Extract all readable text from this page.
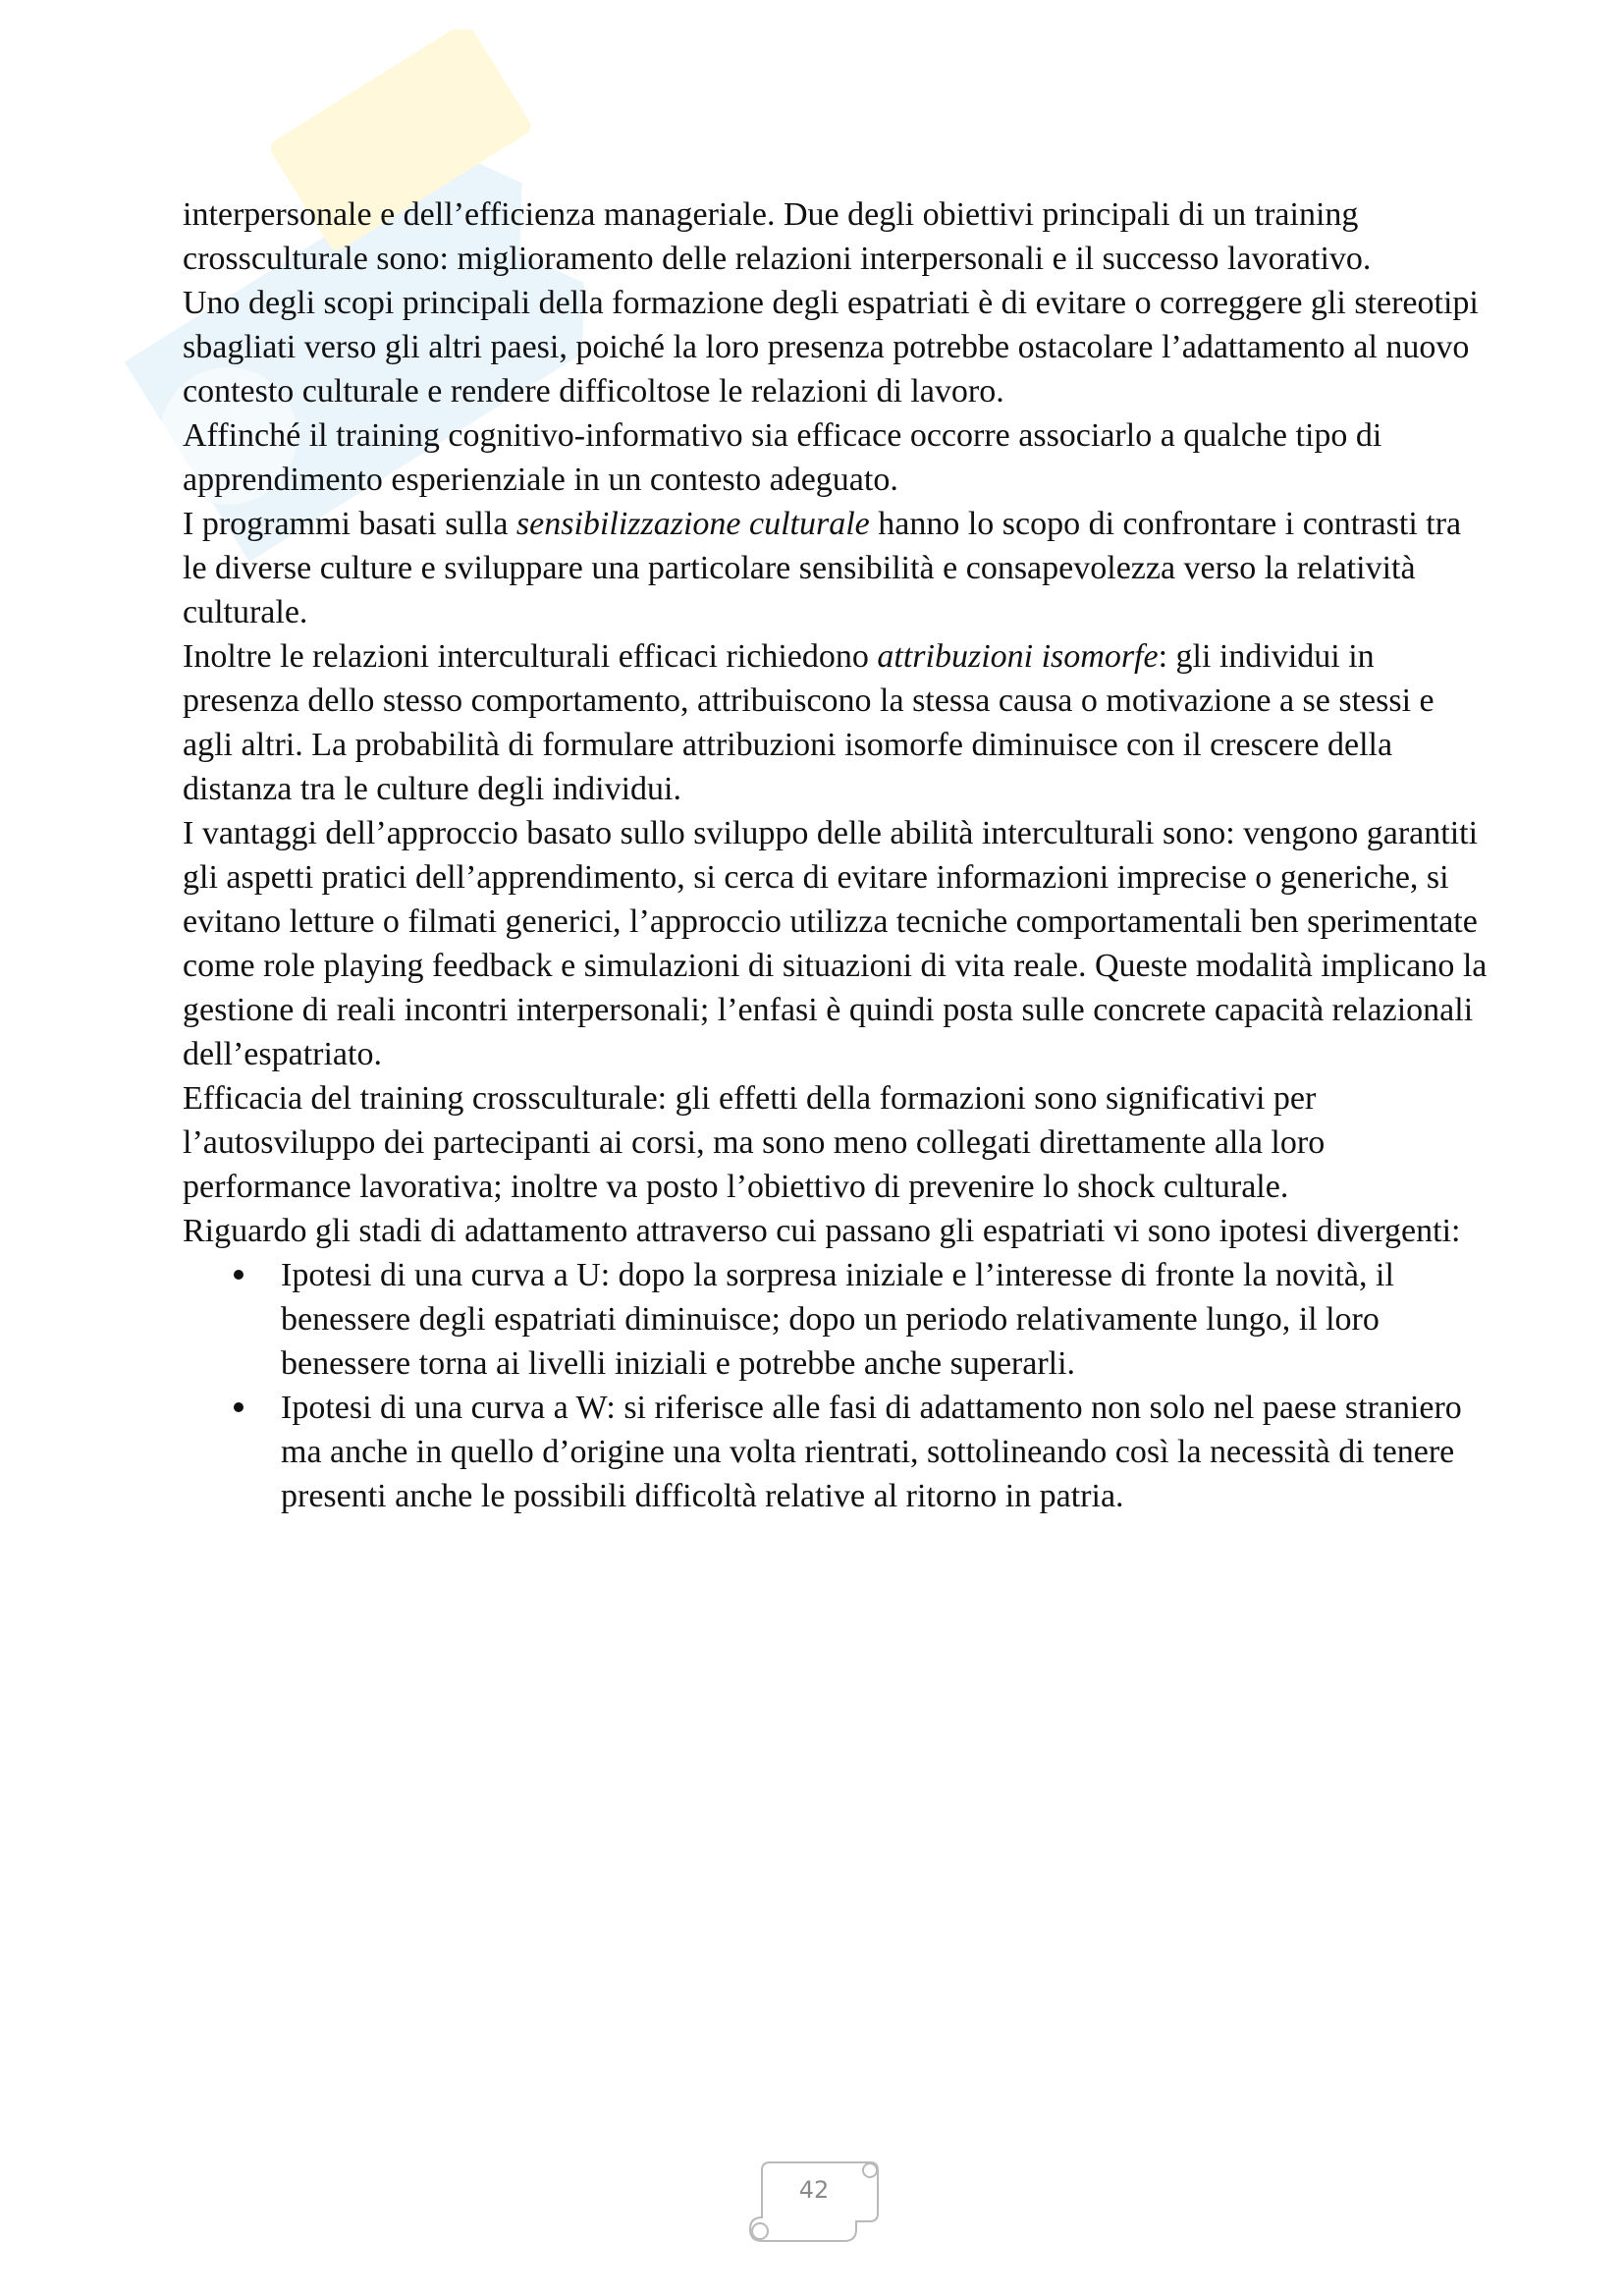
interpersonale e dell’efficienza manageriale. Due degli obiettivi principali di un training crossculturale sono: miglioramento delle relazioni interpersonali e il successo lavorativo.

Uno degli scopi principali della formazione degli espatriati è di evitare o correggere gli stereotipi sbagliati verso gli altri paesi, poiché la loro presenza potrebbe ostacolare l’adattamento al nuovo contesto culturale e rendere difficoltose le relazioni di lavoro.

Affinché il training cognitivo-informativo sia efficace occorre associarlo a qualche tipo di apprendimento esperienziale in un contesto adeguato.

I programmi basati sulla sensibilizzazione culturale hanno lo scopo di confrontare i contrasti tra le diverse culture e sviluppare una particolare sensibilità e consapevolezza verso la relatività culturale.

Inoltre le relazioni interculturali efficaci richiedono attribuzioni isomorfe: gli individui in presenza dello stesso comportamento, attribuiscono la stessa causa o motivazione a se stessi e agli altri. La probabilità di formulare attribuzioni isomorfe diminuisce con il crescere della distanza tra le culture degli individui.

I vantaggi dell’approccio basato sullo sviluppo delle abilità interculturali sono: vengono garantiti gli aspetti pratici dell’apprendimento, si cerca di evitare informazioni imprecise o generiche, si evitano letture o filmati generici, l’approccio utilizza tecniche comportamentali ben sperimentate come role playing feedback e simulazioni di situazioni di vita reale. Queste modalità implicano la gestione di reali incontri interpersonali; l’enfasi è quindi posta sulle concrete capacità relazionali dell’espatriato.

Efficacia del training crossculturale: gli effetti della formazioni sono significativi per l’autosviluppo dei partecipanti ai corsi, ma sono meno collegati direttamente alla loro performance lavorativa; inoltre va posto l’obiettivo di prevenire lo shock culturale.

Riguardo gli stadi di adattamento attraverso cui passano gli espatriati vi sono ipotesi divergenti:

Ipotesi di una curva a U: dopo la sorpresa iniziale e l’interesse di fronte la novità, il benessere degli espatriati diminuisce; dopo un periodo relativamente lungo, il loro benessere torna ai livelli iniziali e potrebbe anche superarli.
Ipotesi di una curva a W: si riferisce alle fasi di adattamento non solo nel paese straniero ma anche in quello d’origine una volta rientrati, sottolineando così la necessità di tenere presenti anche le possibili difficoltà relative al ritorno in patria.
42
